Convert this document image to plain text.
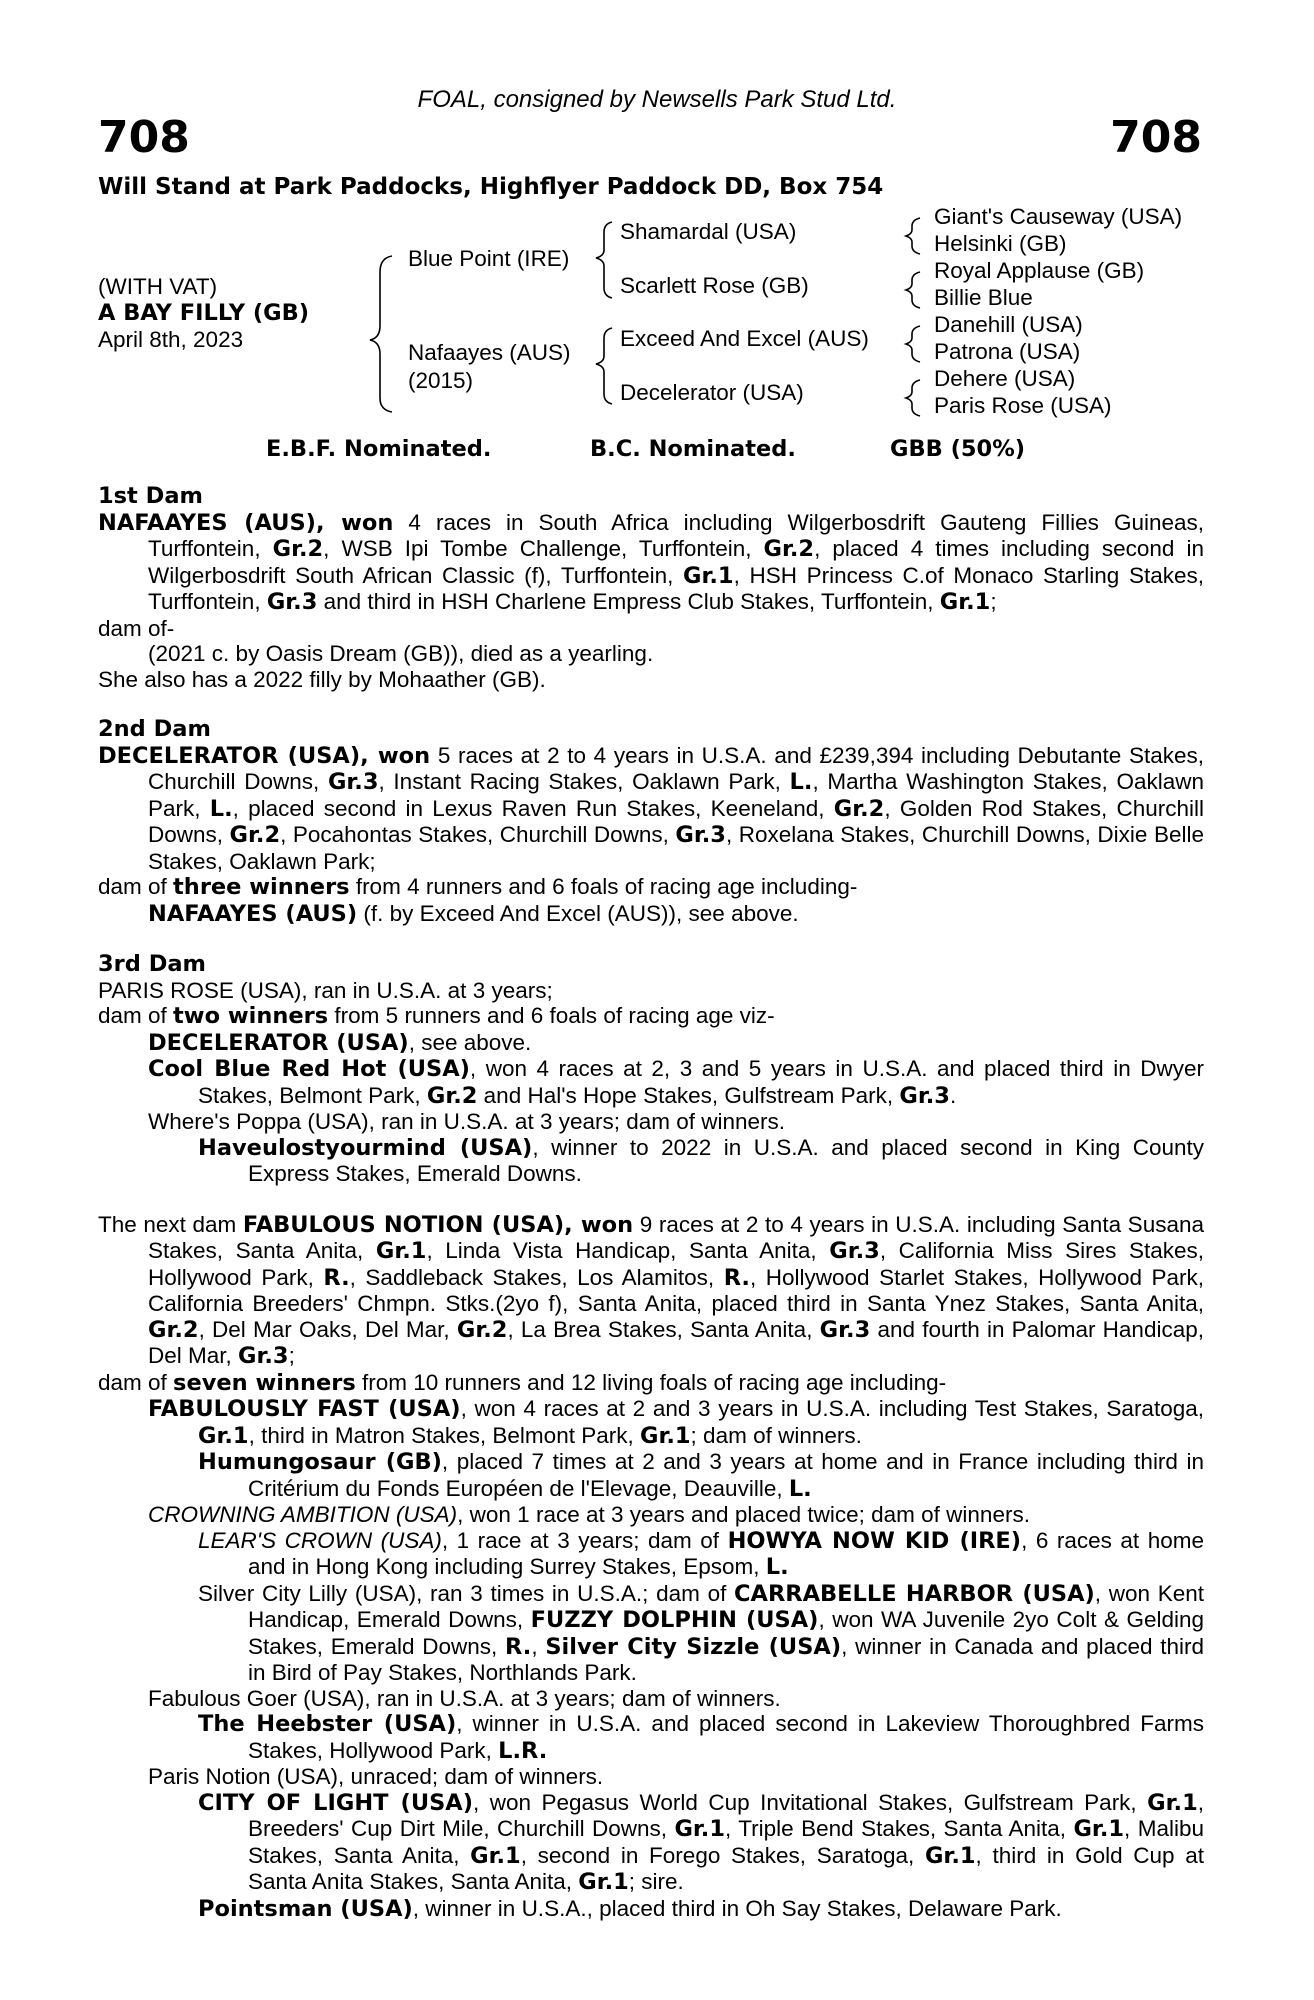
FOAL, consigned by Newsells Park Stud Ltd.
708	708
Will Stand at Park Paddocks, Highflyer Paddock DD, Box 754
(WITH VAT)
A BAY FILLY (GB)
April 8th, 2023
Blue Point (IRE)
Nafaayes (AUS)
(2015)
Shamardal (USA)
Scarlett Rose (GB)
Exceed And Excel (AUS)
Decelerator (USA)
Giant's Causeway (USA)
Helsinki (GB)
Royal Applause (GB)
Billie Blue
Danehill (USA)
Patrona (USA)
Dehere (USA)
Paris Rose (USA)
E.B.F. Nominated.	B.C. Nominated.	GBB (50%)

1st Dam

NAFAAYES (AUS), won 4 races in South Africa including Wilgerbosdrift Gauteng Fillies Guineas, Turffontein, Gr.2, WSB Ipi Tombe Challenge, Turffontein, Gr.2, placed 4 times including second in Wilgerbosdrift South African Classic (f), Turffontein, Gr.1, HSH Princess C.of Monaco Starling Stakes, Turffontein, Gr.3 and third in HSH Charlene Empress Club Stakes, Turffontein, Gr.1;

dam of-

(2021 c. by Oasis Dream (GB)), died as a yearling.

She also has a 2022 filly by Mohaather (GB).

2nd Dam

DECELERATOR (USA), won 5 races at 2 to 4 years in U.S.A. and £239,394 including Debutante Stakes, Churchill Downs, Gr.3, Instant Racing Stakes, Oaklawn Park, L., Martha Washington Stakes, Oaklawn Park, L., placed second in Lexus Raven Run Stakes, Keeneland, Gr.2, Golden Rod Stakes, Churchill Downs, Gr.2, Pocahontas Stakes, Churchill Downs, Gr.3, Roxelana Stakes, Churchill Downs, Dixie Belle Stakes, Oaklawn Park;

dam of three winners from 4 runners and 6 foals of racing age including-

NAFAAYES (AUS) (f. by Exceed And Excel (AUS)), see above.

3rd Dam

PARIS ROSE (USA), ran in U.S.A. at 3 years;

dam of two winners from 5 runners and 6 foals of racing age viz-

DECELERATOR (USA), see above.

Cool Blue Red Hot (USA), won 4 races at 2, 3 and 5 years in U.S.A. and placed third in Dwyer Stakes, Belmont Park, Gr.2 and Hal's Hope Stakes, Gulfstream Park, Gr.3.

Where's Poppa (USA), ran in U.S.A. at 3 years; dam of winners.

Haveulostyourmind (USA), winner to 2022 in U.S.A. and placed second in King County Express Stakes, Emerald Downs.

The next dam FABULOUS NOTION (USA), won 9 races at 2 to 4 years in U.S.A. including Santa Susana Stakes, Santa Anita, Gr.1, Linda Vista Handicap, Santa Anita, Gr.3, California Miss Sires Stakes, Hollywood Park, R., Saddleback Stakes, Los Alamitos, R., Hollywood Starlet Stakes, Hollywood Park, California Breeders' Chmpn. Stks.(2yo f), Santa Anita, placed third in Santa Ynez Stakes, Santa Anita, Gr.2, Del Mar Oaks, Del Mar, Gr.2, La Brea Stakes, Santa Anita, Gr.3 and fourth in Palomar Handicap, Del Mar, Gr.3;

dam of seven winners from 10 runners and 12 living foals of racing age including-

FABULOUSLY FAST (USA), won 4 races at 2 and 3 years in U.S.A. including Test Stakes, Saratoga, Gr.1, third in Matron Stakes, Belmont Park, Gr.1; dam of winners.

Humungosaur (GB), placed 7 times at 2 and 3 years at home and in France including third in Critérium du Fonds Européen de l'Elevage, Deauville, L.

CROWNING AMBITION (USA), won 1 race at 3 years and placed twice; dam of winners.

LEAR'S CROWN (USA), 1 race at 3 years; dam of HOWYA NOW KID (IRE), 6 races at home and in Hong Kong including Surrey Stakes, Epsom, L.

Silver City Lilly (USA), ran 3 times in U.S.A.; dam of CARRABELLE HARBOR (USA), won Kent Handicap, Emerald Downs, FUZZY DOLPHIN (USA), won WA Juvenile 2yo Colt & Gelding Stakes, Emerald Downs, R., Silver City Sizzle (USA), winner in Canada and placed third in Bird of Pay Stakes, Northlands Park.

Fabulous Goer (USA), ran in U.S.A. at 3 years; dam of winners.

The Heebster (USA), winner in U.S.A. and placed second in Lakeview Thoroughbred Farms Stakes, Hollywood Park, L.R.

Paris Notion (USA), unraced; dam of winners.

CITY OF LIGHT (USA), won Pegasus World Cup Invitational Stakes, Gulfstream Park, Gr.1, Breeders' Cup Dirt Mile, Churchill Downs, Gr.1, Triple Bend Stakes, Santa Anita, Gr.1, Malibu Stakes, Santa Anita, Gr.1, second in Forego Stakes, Saratoga, Gr.1, third in Gold Cup at Santa Anita Stakes, Santa Anita, Gr.1; sire.

Pointsman (USA), winner in U.S.A., placed third in Oh Say Stakes, Delaware Park.
